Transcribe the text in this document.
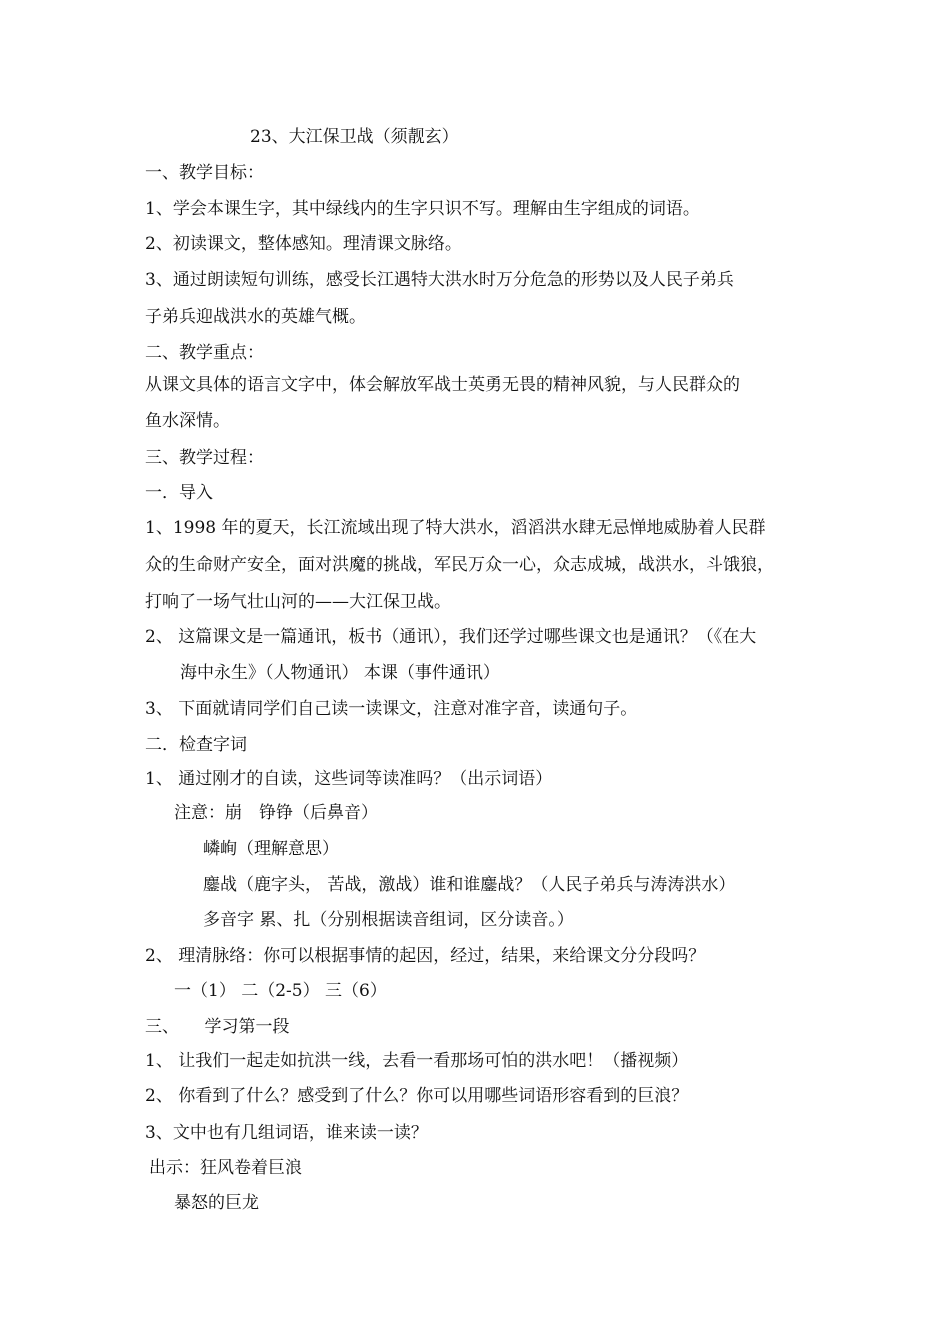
23、大江保卫战（须靓玄）
一、教学目标：
1、学会本课生字，其中绿线内的生字只识不写。理解由生字组成的词语。
2、初读课文，整体感知。理清课文脉络。
3、通过朗读短句训练，感受长江遇特大洪水时万分危急的形势以及人民子弟兵
子弟兵迎战洪水的英雄气概。
二、教学重点：
从课文具体的语言文字中，体会解放军战士英勇无畏的精神风貌，与人民群众的
鱼水深情。
三、教学过程：
一．导入
1、1998 年的夏天，长江流域出现了特大洪水，滔滔洪水肆无忌惮地威胁着人民群
众的生命财产安全，面对洪魔的挑战，军民万众一心，众志成城，战洪水，斗饿狼，
打响了一场气壮山河的——大江保卫战。
2、 这篇课文是一篇通讯，板书（通讯），我们还学过哪些课文也是通讯？（《在大
海中永生》（人物通讯） 本课（事件通讯）
3、 下面就请同学们自己读一读课文，注意对准字音，读通句子。
二．检查字词
1、 通过刚才的自读，这些词等读准吗？（出示词语）
注意：崩　铮铮（后鼻音）
嶙峋（理解意思）
鏖战（鹿字头， 苦战，激战）谁和谁鏖战？（人民子弟兵与涛涛洪水）
多音字 累、扎（分别根据读音组词，区分读音。）
2、 理清脉络：你可以根据事情的起因，经过，结果，来给课文分分段吗？
一（1） 二（2-5） 三（6）
三、　　学习第一段
1、 让我们一起走如抗洪一线，去看一看那场可怕的洪水吧！（播视频）
2、 你看到了什么？感受到了什么？你可以用哪些词语形容看到的巨浪？
3、文中也有几组词语，谁来读一读？
出示：狂风卷着巨浪
暴怒的巨龙
